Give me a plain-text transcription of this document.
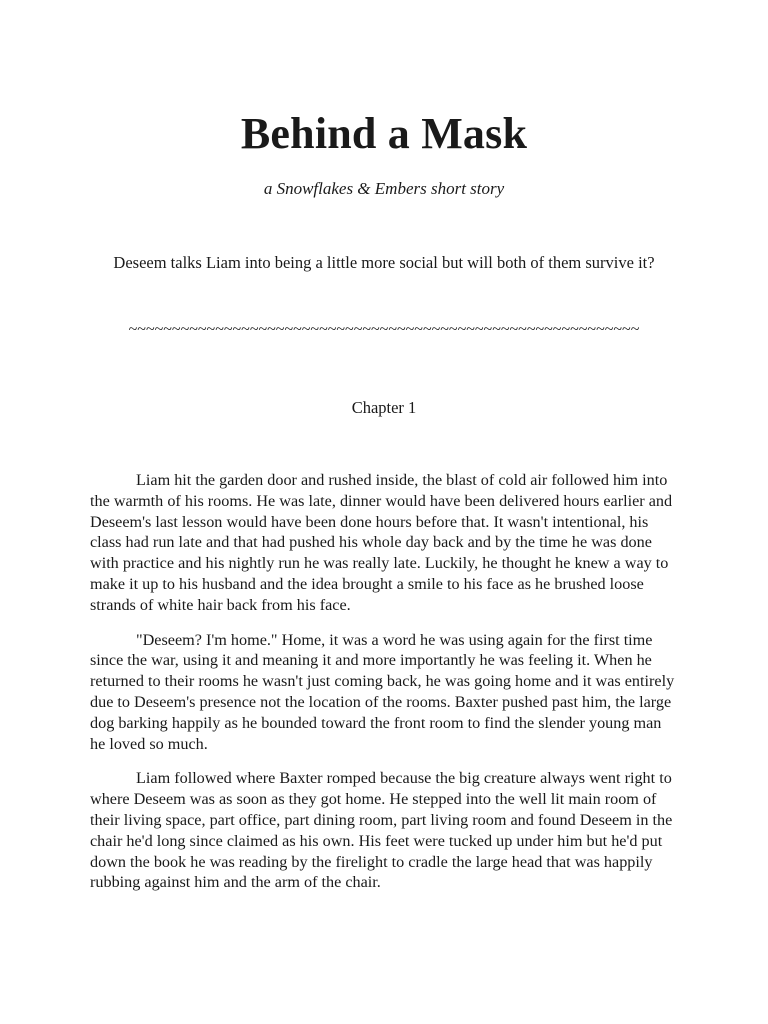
Behind a Mask

a Snowflakes & Embers short story

Deseem talks Liam into being a little more social but will both of them survive it?

~~~~~~~~~~~~~~~~~~~~~~~~~~~~~~~~~~~~~~~~~~~~~~~~~~~~~~~~~~~

Chapter 1

Liam hit the garden door and rushed inside, the blast of cold air followed him into the warmth of his rooms. He was late, dinner would have been delivered hours earlier and Deseem's last lesson would have been done hours before that. It wasn't intentional, his class had run late and that had pushed his whole day back and by the time he was done with practice and his nightly run he was really late. Luckily, he thought he knew a way to make it up to his husband and the idea brought a smile to his face as he brushed loose strands of white hair back from his face.

"Deseem? I'm home." Home, it was a word he was using again for the first time since the war, using it and meaning it and more importantly he was feeling it. When he returned to their rooms he wasn't just coming back, he was going home and it was entirely due to Deseem's presence not the location of the rooms. Baxter pushed past him, the large dog barking happily as he bounded toward the front room to find the slender young man he loved so much.

Liam followed where Baxter romped because the big creature always went right to where Deseem was as soon as they got home. He stepped into the well lit main room of their living space, part office, part dining room, part living room and found Deseem in the chair he'd long since claimed as his own. His feet were tucked up under him but he'd put down the book he was reading by the firelight to cradle the large head that was happily rubbing against him and the arm of the chair.
